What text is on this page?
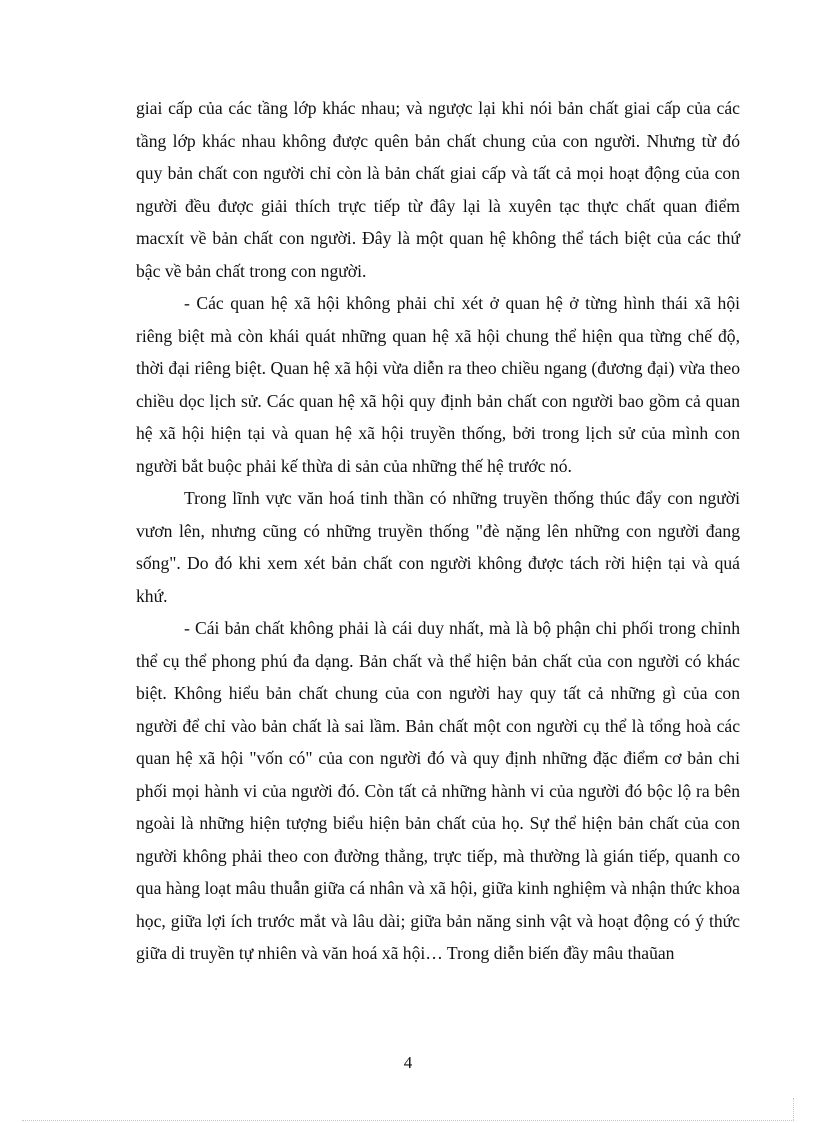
giai cấp của các tầng lớp khác nhau; và ngược lại khi nói bản chất giai cấp của các tầng lớp khác nhau không được quên bản chất chung của con người. Nhưng từ đó quy bản chất con người chỉ còn là bản chất giai cấp và tất cả mọi hoạt động của con người đều được giải thích trực tiếp từ đây lại là xuyên tạc thực chất quan điểm macxít về bản chất con người. Đây là một quan hệ không thể tách biệt của các thứ bậc về bản chất trong con người.

- Các quan hệ xã hội không phải chỉ xét ở quan hệ ở từng hình thái xã hội riêng biệt mà còn khái quát những quan hệ xã hội chung thể hiện qua từng chế độ, thời đại riêng biệt. Quan hệ xã hội vừa diễn ra theo chiều ngang (đương đại) vừa theo chiều dọc lịch sử. Các quan hệ xã hội quy định bản chất con người bao gồm cả quan hệ xã hội hiện tại và quan hệ xã hội truyền thống, bởi trong lịch sử của mình con người bắt buộc phải kế thừa di sản của những thế hệ trước nó.

Trong lĩnh vực văn hoá tinh thần có những truyền thống thúc đẩy con người vươn lên, nhưng cũng có những truyền thống "đè nặng lên những con người đang sống". Do đó khi xem xét bản chất con người không được tách rời hiện tại và quá khứ.

- Cái bản chất không phải là cái duy nhất, mà là bộ phận chi phối trong chỉnh thể cụ thể phong phú đa dạng. Bản chất và thể hiện bản chất của con người có khác biệt. Không hiểu bản chất chung của con người hay quy tất cả những gì của con người để chỉ vào bản chất là sai lầm. Bản chất một con người cụ thể là tổng hoà các quan hệ xã hội "vốn có" của con người đó và quy định những đặc điểm cơ bản chi phối mọi hành vi của người đó. Còn tất cả những hành vi của người đó bộc lộ ra bên ngoài là những hiện tượng biểu hiện bản chất của họ. Sự thể hiện bản chất của con người không phải theo con đường thẳng, trực tiếp, mà thường là gián tiếp, quanh co qua hàng loạt mâu thuẫn giữa cá nhân và xã hội, giữa kinh nghiệm và nhận thức khoa học, giữa lợi ích trước mắt và lâu dài; giữa bản năng sinh vật và hoạt động có ý thức giữa di truyền tự nhiên và văn hoá xã hội… Trong diễn biến đầy mâu thaũan

4
